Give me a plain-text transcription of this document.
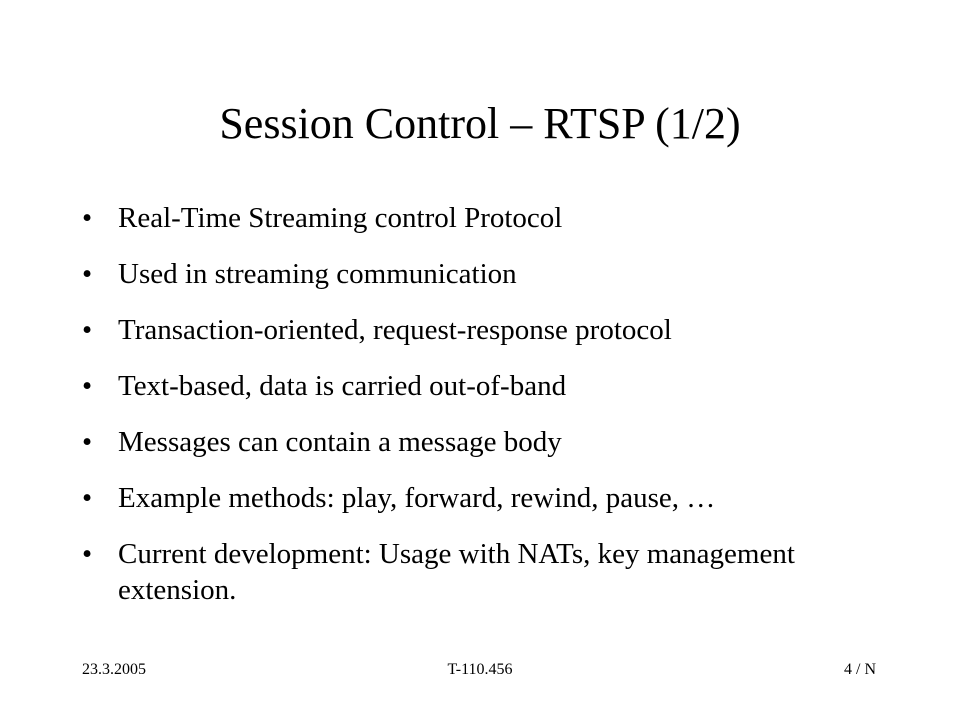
Session Control – RTSP (1/2)
• Real-Time Streaming control Protocol
• Used in streaming communication
• Transaction-oriented, request-response protocol
• Text-based, data is carried out-of-band
• Messages can contain a message body
• Example methods: play, forward, rewind, pause, …
• Current development: Usage with NATs, key management extension.
23.3.2005	T-110.456	4 / N
